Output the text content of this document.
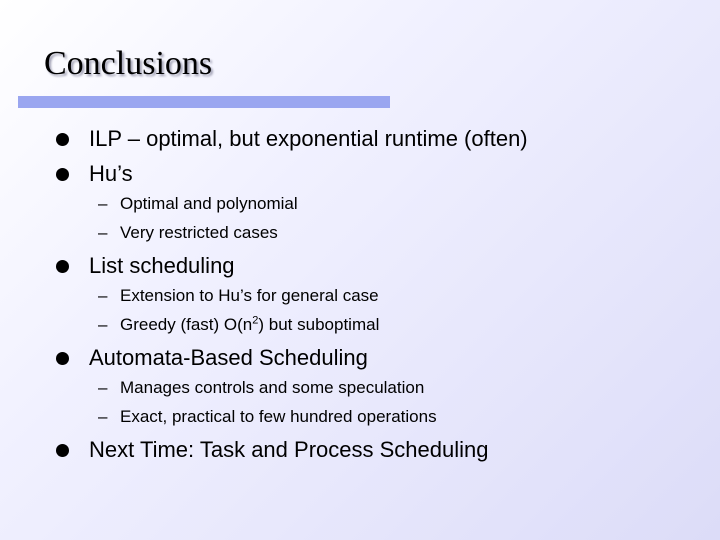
Conclusions
ILP – optimal, but exponential runtime (often)
Hu’s
– Optimal and polynomial
– Very restricted cases
List scheduling
– Extension to Hu’s for general case
– Greedy (fast) $O(n^2)$ but suboptimal
Automata-Based Scheduling
– Manages controls and some speculation
– Exact, practical to few hundred operations
Next Time: Task and Process Scheduling
